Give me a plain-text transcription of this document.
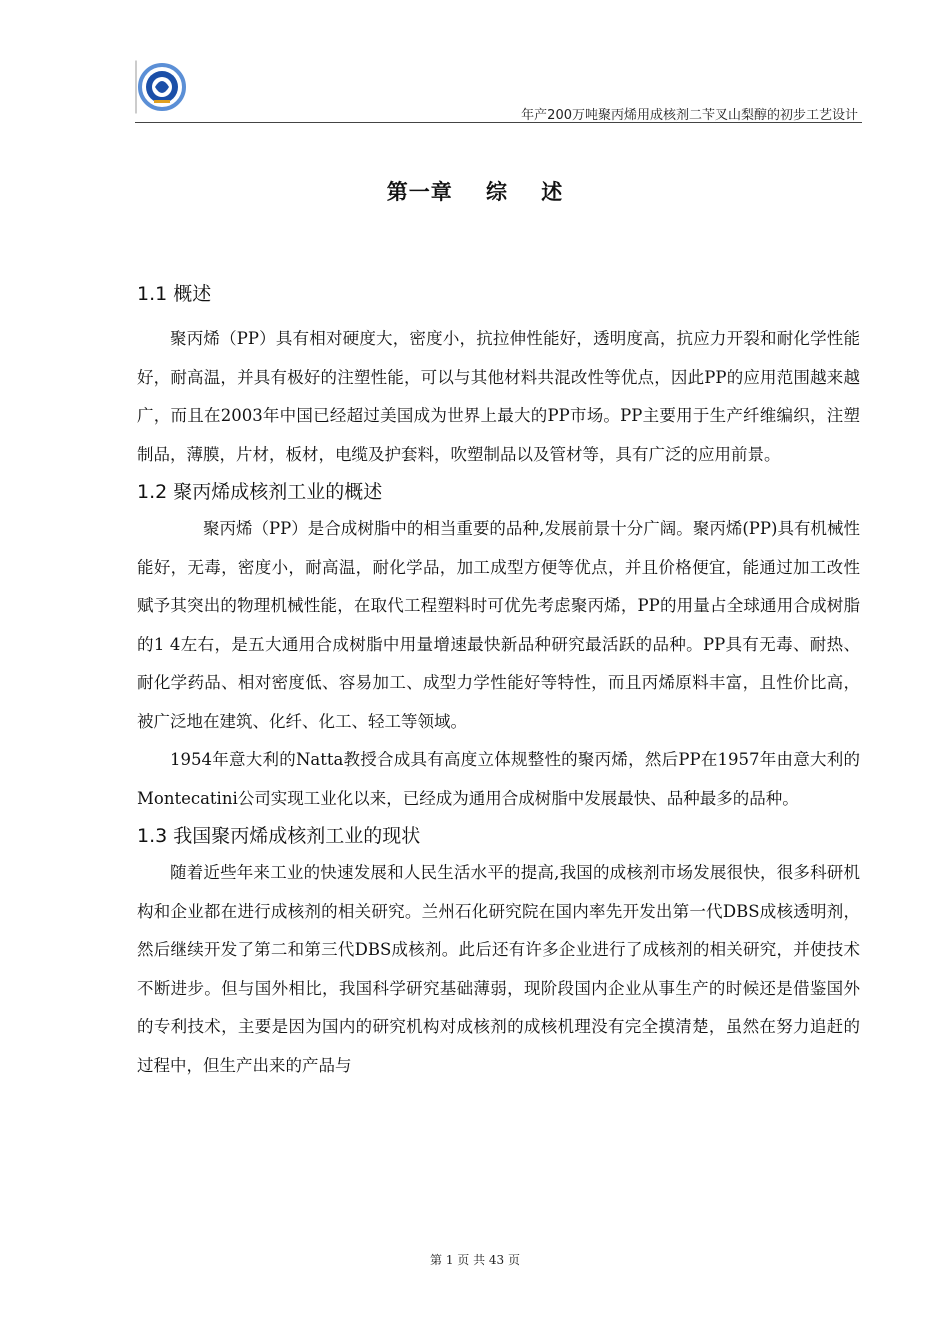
年产200万吨聚丙烯用成核剂二苄叉山梨醇的初步工艺设计
第一章    综    述
1.1 概述

聚丙烯（PP）具有相对硬度大，密度小，抗拉伸性能好，透明度高，抗应力开裂和耐化学性能好，耐高温，并具有极好的注塑性能，可以与其他材料共混改性等优点，因此PP的应用范围越来越广，而且在2003年中国已经超过美国成为世界上最大的PP市场。PP主要用于生产纤维编织，注塑制品，薄膜，片材，板材，电缆及护套料，吹塑制品以及管材等，具有广泛的应用前景。

1.2 聚丙烯成核剂工业的概述

聚丙烯（PP）是合成树脂中的相当重要的品种,发展前景十分广阔。聚丙烯(PP)具有机械性能好，无毒，密度小，耐高温，耐化学品，加工成型方便等优点，并且价格便宜，能通过加工改性赋予其突出的物理机械性能，在取代工程塑料时可优先考虑聚丙烯，PP的用量占全球通用合成树脂的1 4左右，是五大通用合成树脂中用量增速最快新品种研究最活跃的品种。PP具有无毒、耐热、耐化学药品、相对密度低、容易加工、成型力学性能好等特性，而且丙烯原料丰富，且性价比高，被广泛地在建筑、化纤、化工、轻工等领域。

1954年意大利的Natta教授合成具有高度立体规整性的聚丙烯，然后PP在1957年由意大利的Montecatini公司实现工业化以来，已经成为通用合成树脂中发展最快、品种最多的品种。

1.3 我国聚丙烯成核剂工业的现状

随着近些年来工业的快速发展和人民生活水平的提高,我国的成核剂市场发展很快，很多科研机构和企业都在进行成核剂的相关研究。兰州石化研究院在国内率先开发出第一代DBS成核透明剂，然后继续开发了第二和第三代DBS成核剂。此后还有许多企业进行了成核剂的相关研究，并使技术不断进步。但与国外相比，我国科学研究基础薄弱，现阶段国内企业从事生产的时候还是借鉴国外的专利技术，主要是因为国内的研究机构对成核剂的成核机理没有完全摸清楚，虽然在努力追赶的过程中，但生产出来的产品与

第 1 页 共 43 页
